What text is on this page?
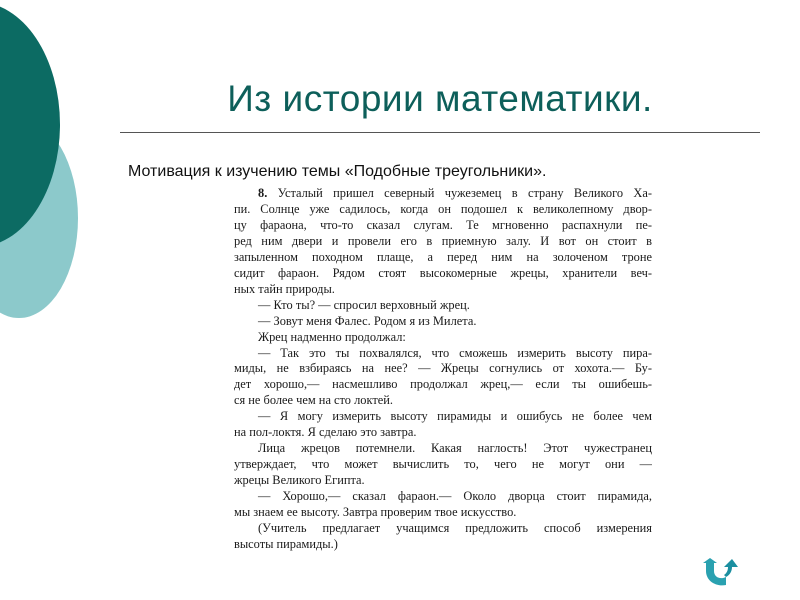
Из истории математики.
Мотивация к изучению темы «Подобные треугольники».
8. Усталый пришел северный чужеземец в страну Великого Ха-
пи. Солнце уже садилось, когда он подошел к великолепному двор-
цу фараона, что-то сказал слугам. Те мгновенно распахнули пе-
ред ним двери и провели его в приемную залу. И вот он стоит в
запыленном походном плаще, а перед ним на золоченом троне
сидит фараон. Рядом стоят высокомерные жрецы, хранители веч-
ных тайн природы.
— Кто ты? — спросил верховный жрец.
— Зовут меня Фалес. Родом я из Милета.
Жрец надменно продолжал:
— Так это ты похвалялся, что сможешь измерить высоту пира-
миды, не взбираясь на нее? — Жрецы согнулись от хохота.— Бу-
дет хорошо,— насмешливо продолжал жрец,— если ты ошибешь-
ся не более чем на сто локтей.
— Я могу измерить высоту пирамиды и ошибусь не более чем
на пол-локтя. Я сделаю это завтра.
Лица жрецов потемнели. Какая наглость! Этот чужестранец
утверждает, что может вычислить то, чего не могут они —
жрецы Великого Египта.
— Хорошо,— сказал фараон.— Около дворца стоит пирамида,
мы знаем ее высоту. Завтра проверим твое искусство.
(Учитель предлагает учащимся предложить способ измерения
высоты пирамиды.)
